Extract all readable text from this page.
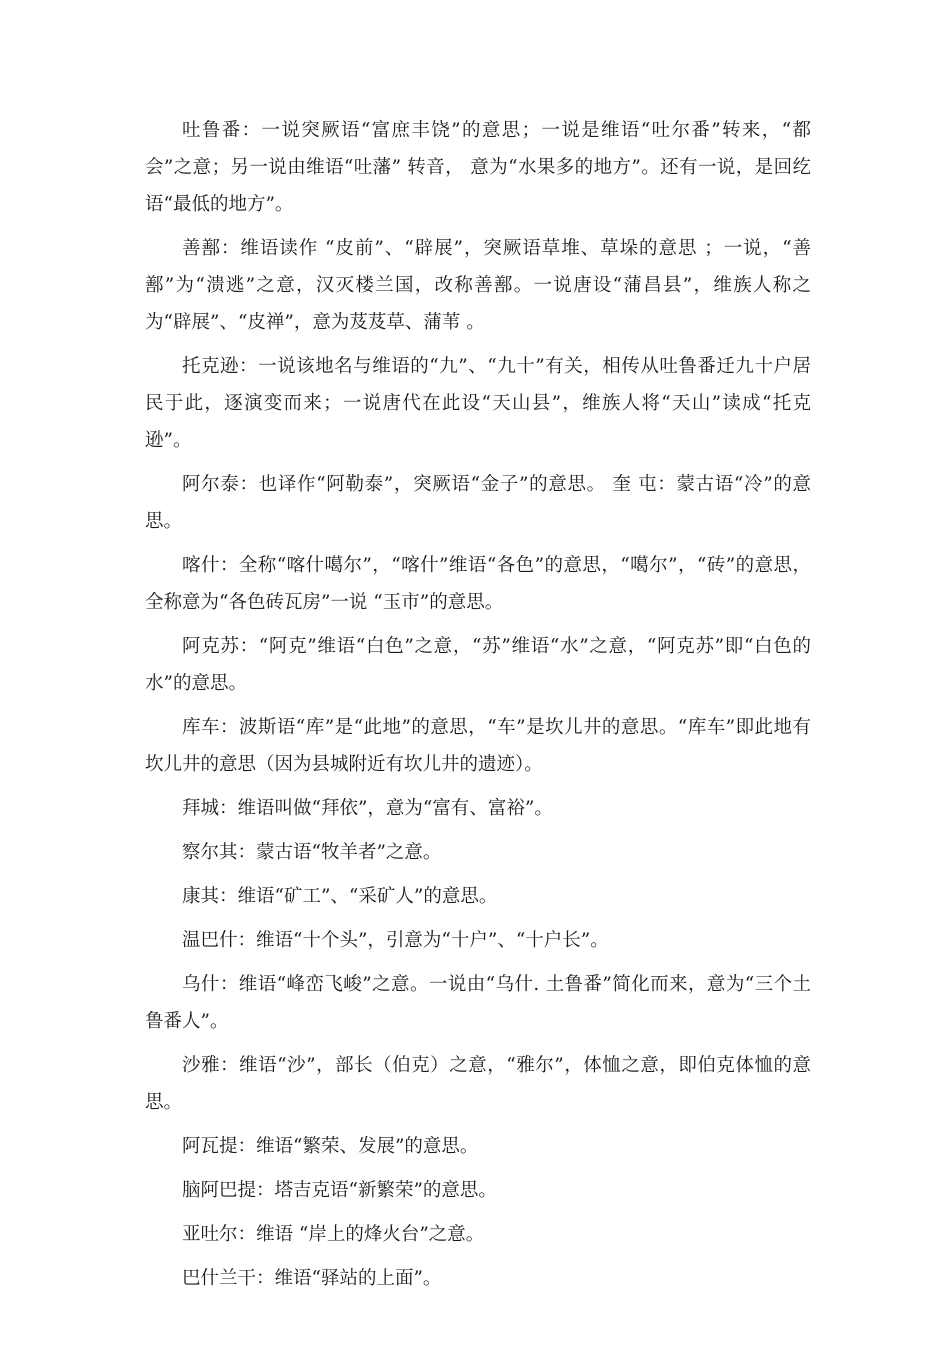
吐鲁番：一说突厥语“富庶丰饶”的意思；一说是维语“吐尔番”转来，“都会”之意；另一说由维语“吐藩” 转音， 意为“水果多的地方”。还有一说，是回纥语“最低的地方”。

善鄯：维语读作 “皮前”、“辟展”，突厥语草堆、草垛的意思 ；一说，“善鄯”为“溃逃”之意，汉灭楼兰国，改称善鄯。一说唐设“蒲昌县”，维族人称之为“辟展”、“皮禅”，意为芨芨草、蒲苇 。

托克逊：一说该地名与维语的“九”、“九十”有关，相传从吐鲁番迁九十户居民于此，逐演变而来；一说唐代在此设“天山县”，维族人将“天山”读成“托克逊”。

阿尔泰：也译作“阿勒泰”，突厥语“金子”的意思。 奎 屯：蒙古语“冷”的意思。

喀什：全称“喀什噶尔”，“喀什”维语“各色”的意思，“噶尔”，“砖”的意思，全称意为“各色砖瓦房”一说 “玉市”的意思。

阿克苏：“阿克”维语“白色”之意，“苏”维语“水”之意，“阿克苏”即“白色的水”的意思。

库车：波斯语“库”是“此地”的意思，“车”是坎儿井的意思。“库车”即此地有坎儿井的意思（因为县城附近有坎儿井的遗迹）。

拜城：维语叫做“拜依”，意为“富有、富裕”。

察尔其：蒙古语“牧羊者”之意。

康其：维语“矿工”、“采矿人”的意思。

温巴什：维语“十个头”，引意为“十户”、“十户长”。

乌什：维语“峰峦飞峻”之意。一说由“乌什. 土鲁番”简化而来，意为“三个土鲁番人”。

沙雅：维语“沙”，部长（伯克）之意，“雅尔”，体恤之意，即伯克体恤的意思。

阿瓦提：维语“繁荣、发展”的意思。

脑阿巴提：塔吉克语“新繁荣”的意思。

亚吐尔：维语 “岸上的烽火台”之意。

巴什兰干：维语“驿站的上面”。
